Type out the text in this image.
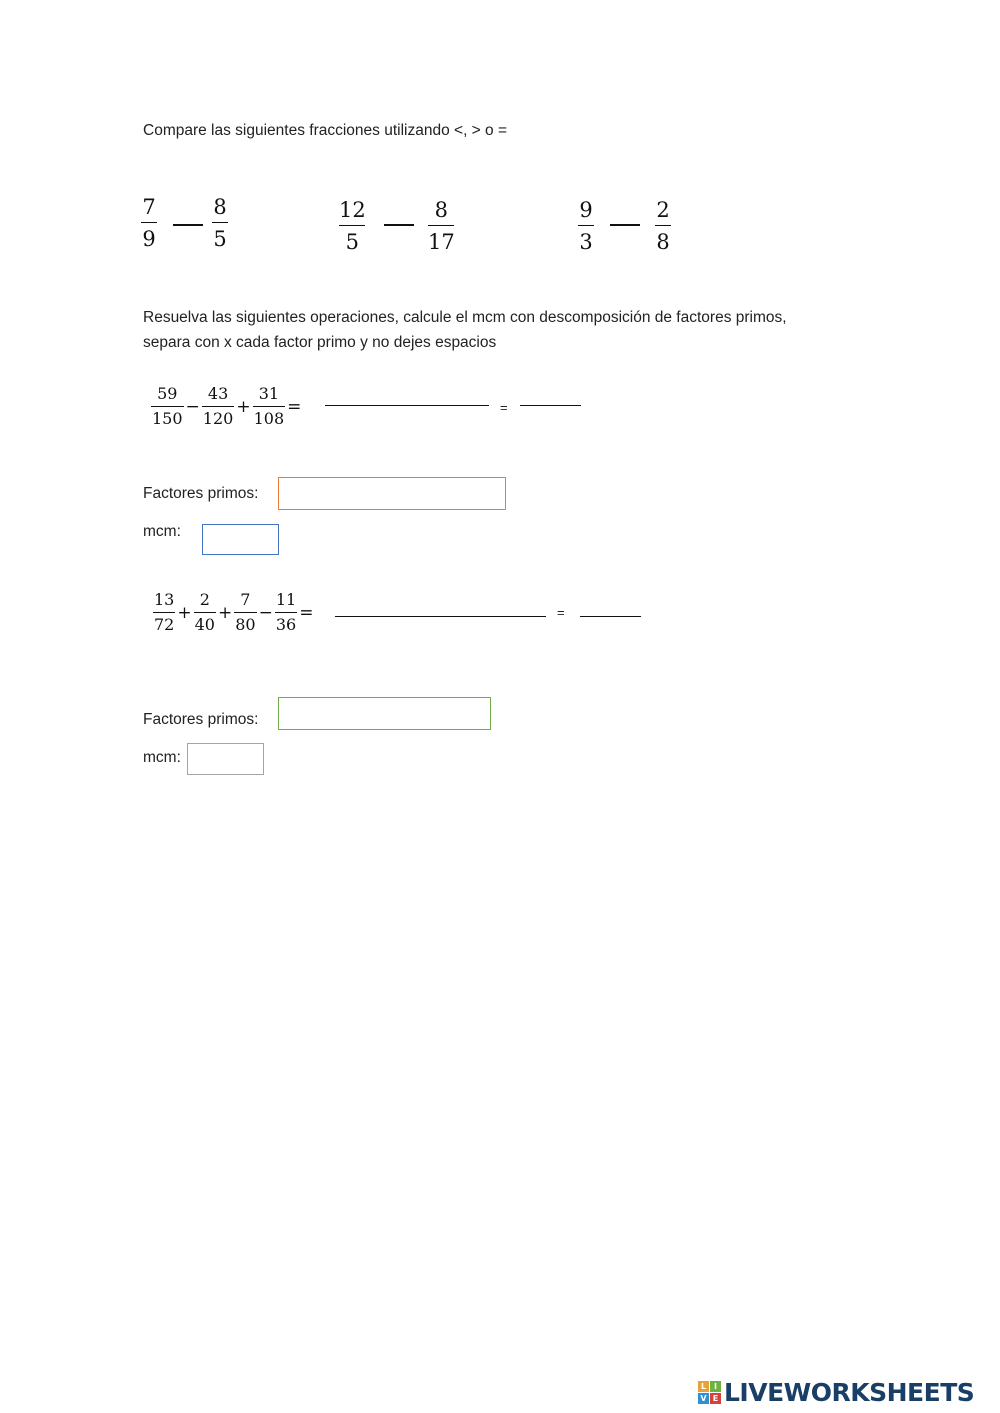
Compare las siguientes fracciones utilizando <, > o =
7
9
8
5
12
5
8
17
9
3
2
8
Resuelva las siguientes operaciones, calcule el mcm con descomposición de factores primos,
separa con x cada factor primo y no dejes espacios
$\frac{59}{150} - \frac{43}{120} + \frac{31}{108}$ =	=
Factores primos:
mcm:
$\frac{13}{72} + \frac{2}{40} + \frac{7}{80} - \frac{11}{36}$ =	=
Factores primos:
mcm:
L I
V E LIVEWORKSHEETS
